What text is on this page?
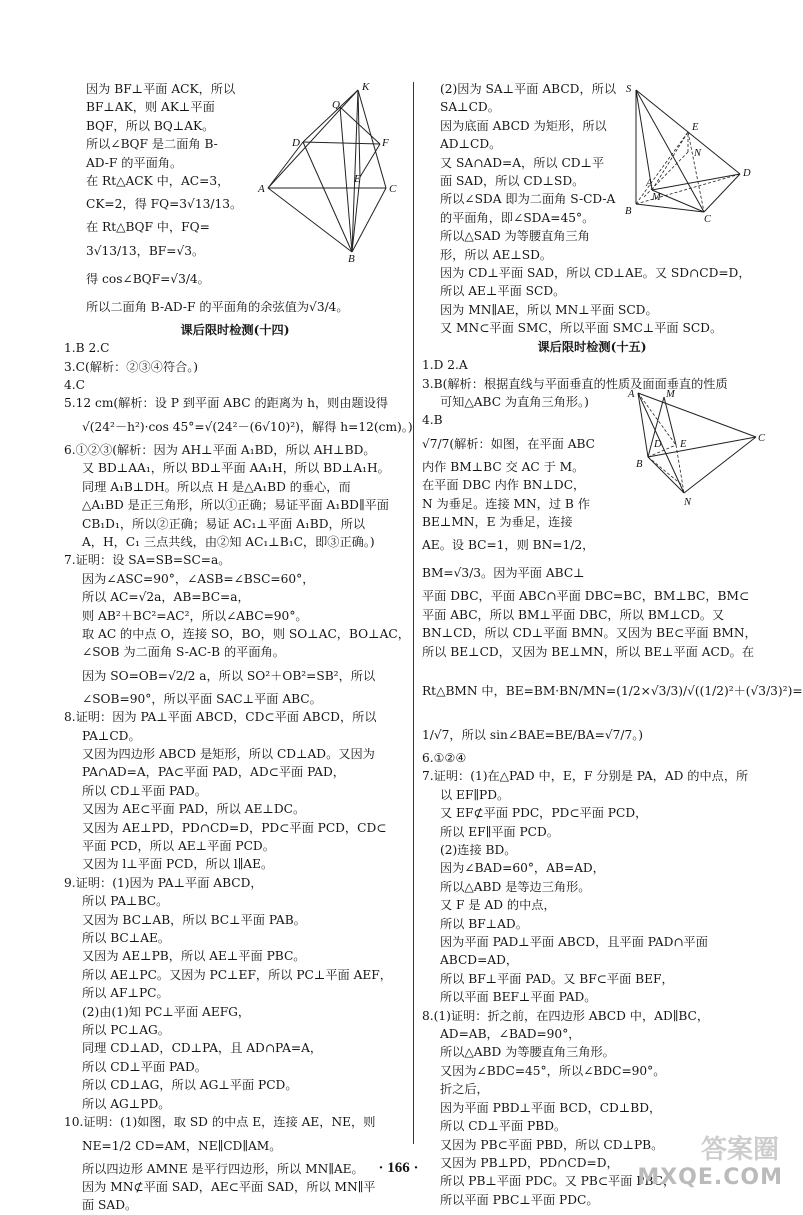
因为 BF⊥平面 ACK，所以
BF⊥AK，则 AK⊥平面
BQF，所以 BQ⊥AK。
所以∠BQF 是二面角 B-
AD-F 的平面角。
在 Rt△ACK 中，AC=3，
CK=2，得 FQ=3√13/13。
在 Rt△BQF 中，FQ=
3√13/13，BF=√3。
得 cos∠BQF=√3/4。
所以二面角 B-AD-F 的平面角的余弦值为√3/4。
课后限时检测(十四)
1.B 2.C
3.C(解析：②③④符合。)
4.C
5.12 cm(解析：设 P 到平面 ABC 的距离为 h，则由题设得
√(24²－h²)·cos 45°=√(24²－(6√10)²)，解得 h=12(cm)。)
6.①②③(解析：因为 AH⊥平面 A₁BD，所以 AH⊥BD。
又 BD⊥AA₁，所以 BD⊥平面 AA₁H，所以 BD⊥A₁H。
同理 A₁B⊥DH。所以点 H 是△A₁BD 的垂心，而
△A₁BD 是正三角形，所以①正确；易证平面 A₁BD∥平面
CB₁D₁，所以②正确；易证 AC₁⊥平面 A₁BD，所以
A，H，C₁ 三点共线，由②知 AC₁⊥B₁C，即③正确。)
7.证明：设 SA=SB=SC=a。
因为∠ASC=90°，∠ASB=∠BSC=60°，
所以 AC=√2a，AB=BC=a，
则 AB²＋BC²=AC²，所以∠ABC=90°。
取 AC 的中点 O，连接 SO，BO，则 SO⊥AC，BO⊥AC，
∠SOB 为二面角 S-AC-B 的平面角。
因为 SO=OB=√2/2 a，所以 SO²＋OB²=SB²，所以
∠SOB=90°，所以平面 SAC⊥平面 ABC。
8.证明：因为 PA⊥平面 ABCD，CD⊂平面 ABCD，所以
PA⊥CD。
又因为四边形 ABCD 是矩形，所以 CD⊥AD。又因为
PA∩AD=A，PA⊂平面 PAD，AD⊂平面 PAD，
所以 CD⊥平面 PAD。
又因为 AE⊂平面 PAD，所以 AE⊥DC。
又因为 AE⊥PD，PD∩CD=D，PD⊂平面 PCD，CD⊂
平面 PCD，所以 AE⊥平面 PCD。
又因为 l⊥平面 PCD，所以 l∥AE。
9.证明：(1)因为 PA⊥平面 ABCD，
所以 PA⊥BC。
又因为 BC⊥AB，所以 BC⊥平面 PAB。
所以 BC⊥AE。
又因为 AE⊥PB，所以 AE⊥平面 PBC。
所以 AE⊥PC。又因为 PC⊥EF，所以 PC⊥平面 AEF，
所以 AF⊥PC。
(2)由(1)知 PC⊥平面 AEFG，
所以 PC⊥AG。
同理 CD⊥AD，CD⊥PA，且 AD∩PA=A，
所以 CD⊥平面 PAD。
所以 CD⊥AG，所以 AG⊥平面 PCD。
所以 AG⊥PD。
10.证明：(1)如图，取 SD 的中点 E，连接 AE，NE，则
NE=1/2 CD=AM，NE∥CD∥AM。
所以四边形 AMNE 是平行四边形，所以 MN∥AE。
因为 MN⊄平面 SAD，AE⊂平面 SAD，所以 MN∥平
面 SAD。
K
Q
D	F
A
E
C
B
(2)因为 SA⊥平面 ABCD，所以
SA⊥CD。
因为底面 ABCD 为矩形，所以
AD⊥CD。
又 SA∩AD=A，所以 CD⊥平
面 SAD，所以 CD⊥SD。
所以∠SDA 即为二面角 S-CD-A
的平面角，即∠SDA=45°。
所以△SAD 为等腰直角三角
形，所以 AE⊥SD。
因为 CD⊥平面 SAD，所以 CD⊥AE。又 SD∩CD=D，
所以 AE⊥平面 SCD。
因为 MN∥AE，所以 MN⊥平面 SCD。
又 MN⊂平面 SMC，所以平面 SMC⊥平面 SCD。
课后限时检测(十五)
1.D 2.A
3.B(解析：根据直线与平面垂直的性质及面面垂直的性质
可知△ABC 为直角三角形。)
4.B
√7/7(解析：如图，在平面 ABC
内作 BM⊥BC 交 AC 于 M。
在平面 DBC 内作 BN⊥DC，
N 为垂足。连接 MN，过 B 作
BE⊥MN，E 为垂足，连接
AE。设 BC=1，则 BN=1/2，
BM=√3/3。因为平面 ABC⊥
平面 DBC，平面 ABC∩平面 DBC=BC，BM⊥BC，BM⊂
平面 ABC，所以 BM⊥平面 DBC，所以 BM⊥CD。又
BN⊥CD，所以 CD⊥平面 BMN。又因为 BE⊂平面 BMN，
所以 BE⊥CD，又因为 BE⊥MN，所以 BE⊥平面 ACD。在
Rt△BMN 中，BE=BM·BN/MN=(1/2×√3/3)/√((1/2)²＋(√3/3)²)=
1/√7，所以 sin∠BAE=BE/BA=√7/7。)
6.①②④
7.证明：(1)在△PAD 中，E，F 分别是 PA，AD 的中点，所
以 EF∥PD。
又 EF⊄平面 PDC，PD⊂平面 PCD，
所以 EF∥平面 PCD。
(2)连接 BD。
因为∠BAD=60°，AB=AD，
所以△ABD 是等边三角形。
又 F 是 AD 的中点，
所以 BF⊥AD。
因为平面 PAD⊥平面 ABCD，且平面 PAD∩平面
ABCD=AD，
所以 BF⊥平面 PAD。又 BF⊂平面 BEF，
所以平面 BEF⊥平面 PAD。
8.(1)证明：折之前，在四边形 ABCD 中，AD∥BC，
AD=AB，∠BAD=90°，
所以△ABD 为等腰直角三角形。
又因为∠BDC=45°，所以∠BDC=90°。
折之后，
因为平面 PBD⊥平面 BCD，CD⊥BD，
所以 CD⊥平面 PBD。
又因为 PB⊂平面 PBD，所以 CD⊥PB。
又因为 PB⊥PD，PD∩CD=D，
所以 PB⊥平面 PDC。又 PB⊂平面 PBC，
所以平面 PBC⊥平面 PDC。
S
E
N
D
A
M
B
C
A	M
D E
B
N
C
· 166 ·
答案圈
MXQE.COM
